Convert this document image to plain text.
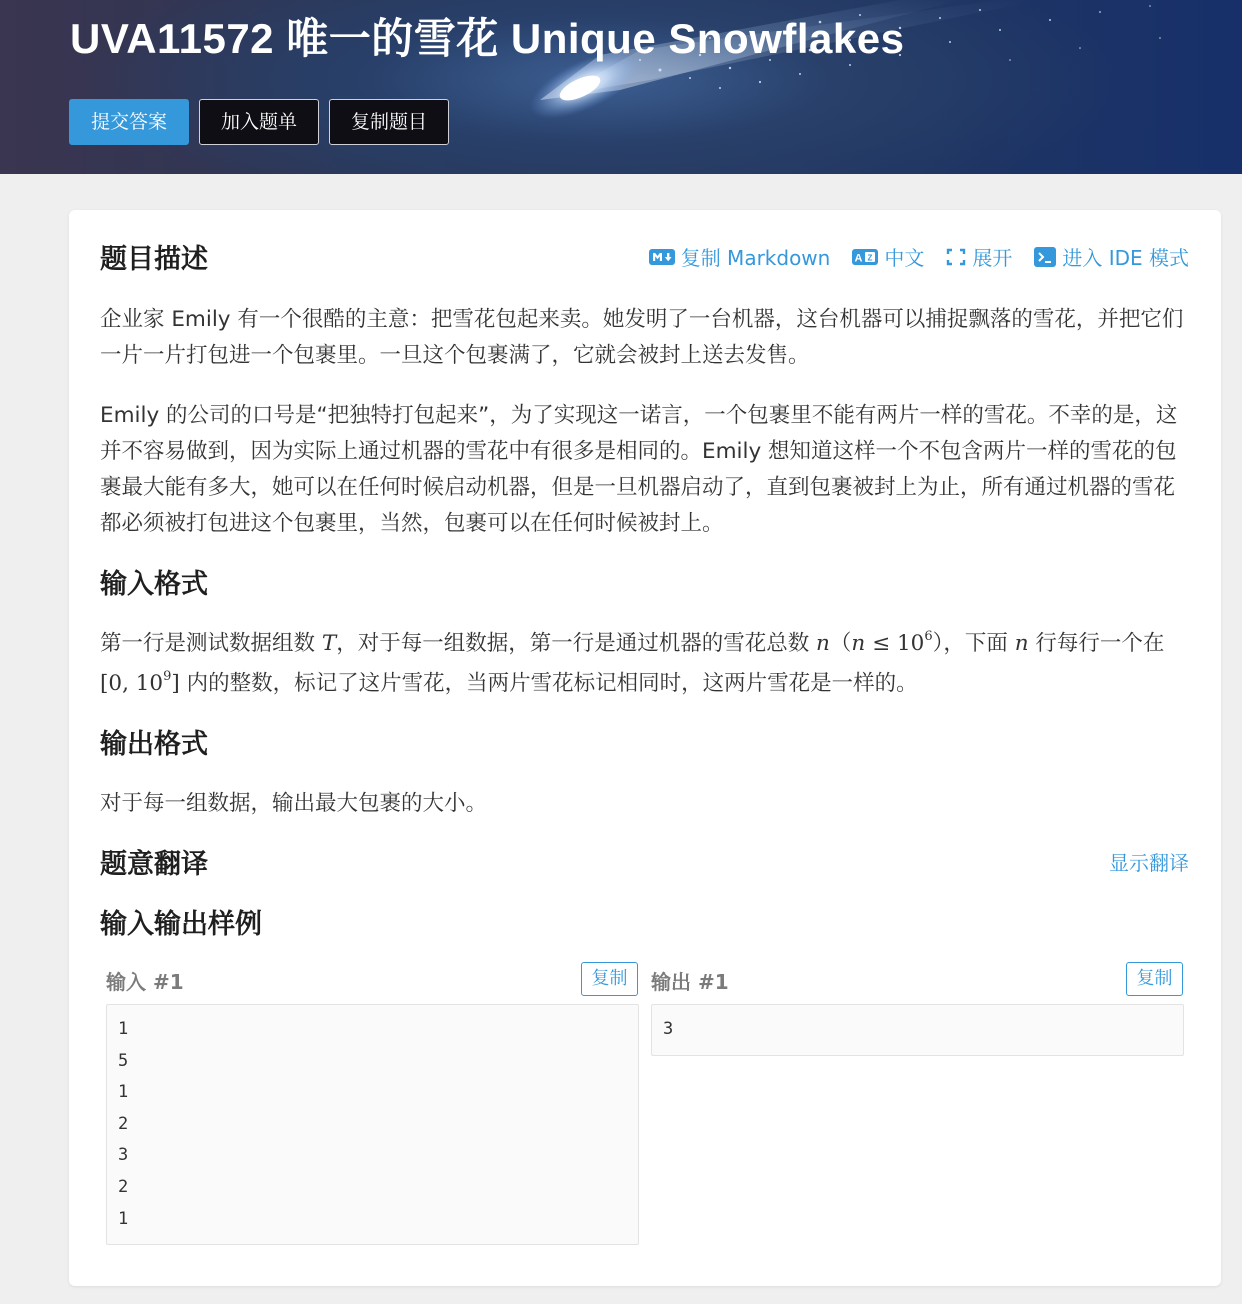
UVA11572 唯一的雪花 Unique Snowflakes
提交答案	加入题单	复制题目
题目描述	复制 Markdown A Z 中文 展开	进入 IDE 模式

企业家 Emily 有一个很酷的主意：把雪花包起来卖。她发明了一台机器，这台机器可以捕捉飘落的雪花，并把它们一片一片打包进一个包裹里。一旦这个包裹满了，它就会被封上送去发售。

Emily 的公司的口号是“把独特打包起来”，为了实现这一诺言，一个包裹里不能有两片一样的雪花。不幸的是，这并不容易做到，因为实际上通过机器的雪花中有很多是相同的。Emily 想知道这样一个不包含两片一样的雪花的包裹最大能有多大，她可以在任何时候启动机器，但是一旦机器启动了，直到包裹被封上为止，所有通过机器的雪花都必须被打包进这个包裹里，当然，包裹可以在任何时候被封上。

输入格式

第一行是测试数据组数 T，对于每一组数据，第一行是通过机器的雪花总数 $n(n \le 10^6)$，下面 n 行每行一个在 [0, $10^9$] 内的整数，标记了这片雪花，当两片雪花标记相同时，这两片雪花是一样的。

输出格式

对于每一组数据，输出最大包裹的大小。

题意翻译	显示翻译
输入输出样例
输入 #1	复制
1
5
1
2
3
2
1
输出 #1	复制
3
